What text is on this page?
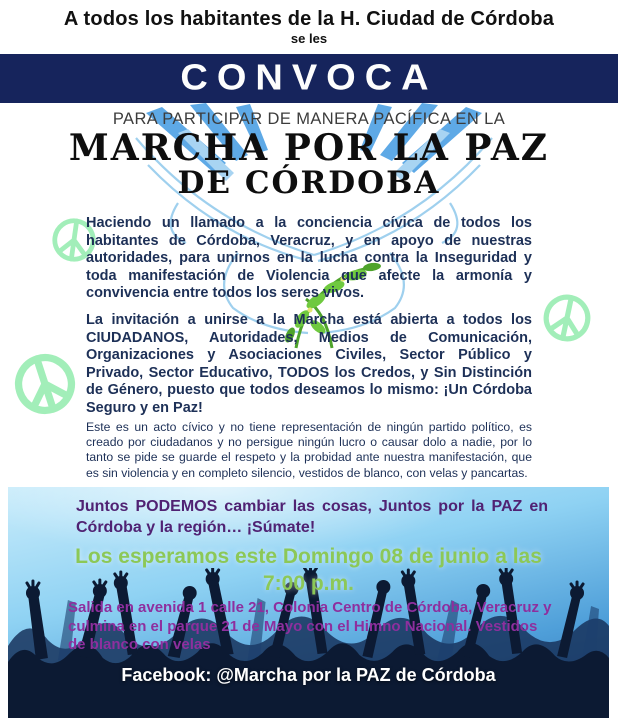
A todos los habitantes de la H. Ciudad de Córdoba
se les
CONVOCA
PARA PARTICIPAR DE MANERA PACÍFICA EN LA
MARCHA POR LA PAZ
DE CÓRDOBA

Haciendo un llamado a la conciencia cívica de todos los habitantes de Córdoba, Veracruz, y en apoyo de nuestras autoridades, para unirnos en la lucha contra la Inseguridad y toda manifestación de Violencia que afecte la armonía y convivencia entre todos los seres vivos.

La invitación a unirse a la Marcha está abierta a todos los CIUDADANOS, Autoridades, Medios de Comunicación, Organizaciones y Asociaciones Civiles, Sector Público y Privado, Sector Educativo, TODOS los Credos, y Sin Distinción de Género, puesto que todos deseamos lo mismo: ¡Un Córdoba Seguro y en Paz!

Este es un acto cívico y no tiene representación de ningún partido político, es creado por ciudadanos y no persigue ningún lucro o causar dolo a nadie, por lo tanto se pide se guarde el respeto y la probidad ante nuestra manifestación, que es sin violencia y en completo silencio, vestidos de blanco, con velas y pancartas.

Juntos PODEMOS cambiar las cosas, Juntos por la PAZ en Córdoba y la región… ¡Súmate!
Los esperamos este Domingo 08 de junio a las 7:00 p.m.
Salida en avenida 1 calle 21, Colonia Centro de Córdoba, Veracruz y culmina en el parque 21 de Mayo con el Himno Nacional. Vestidos de blanco con velas
Facebook: @Marcha por la PAZ de Córdoba
